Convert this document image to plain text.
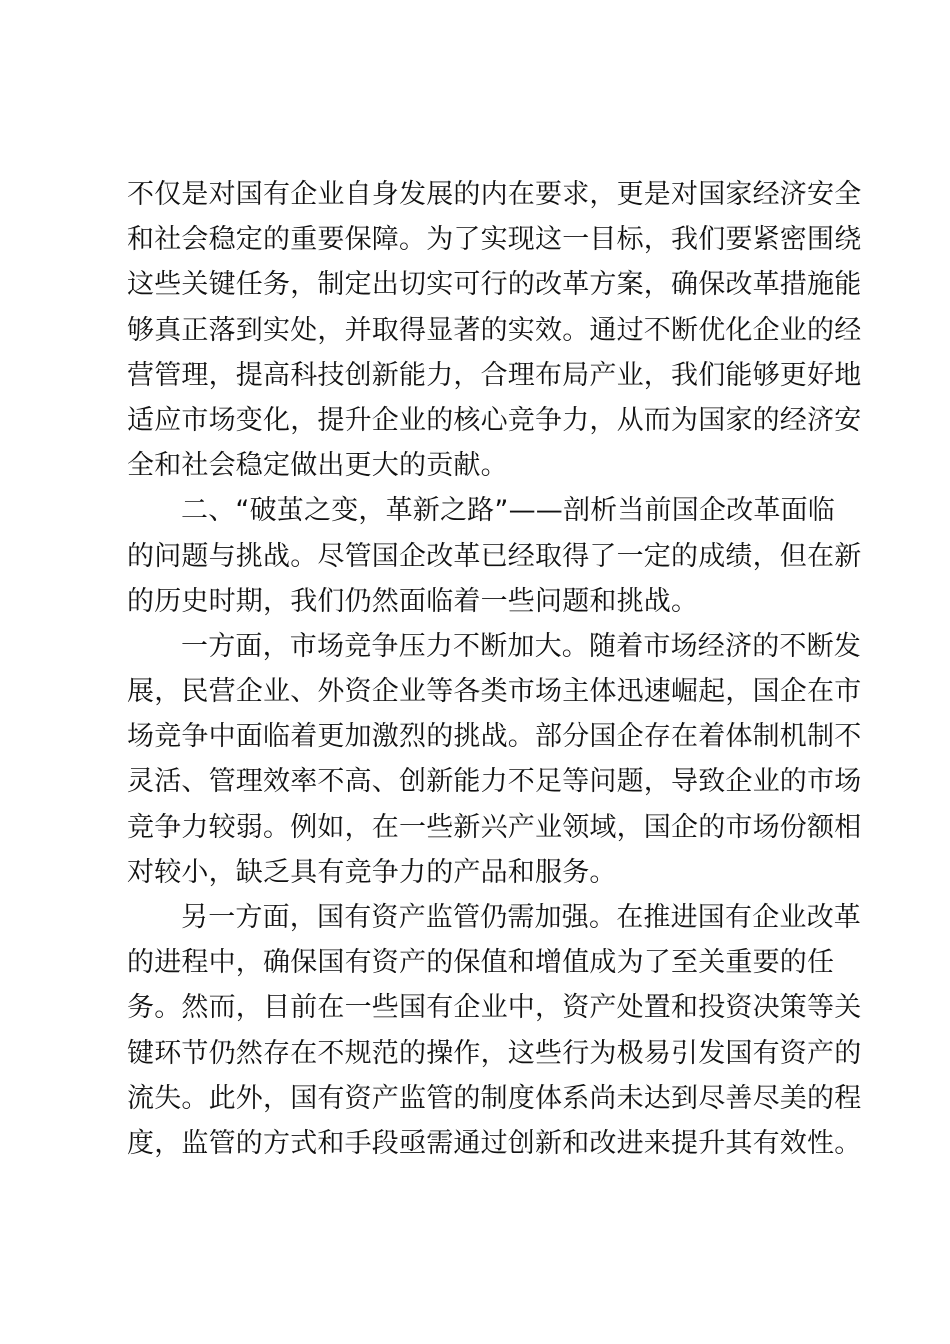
不仅是对国有企业自身发展的内在要求，更是对国家经济安全
和社会稳定的重要保障。为了实现这一目标，我们要紧密围绕
这些关键任务，制定出切实可行的改革方案，确保改革措施能
够真正落到实处，并取得显著的实效。通过不断优化企业的经
营管理，提高科技创新能力，合理布局产业，我们能够更好地
适应市场变化，提升企业的核心竞争力，从而为国家的经济安
全和社会稳定做出更大的贡献。
二、“破茧之变，革新之路”——剖析当前国企改革面临
的问题与挑战。尽管国企改革已经取得了一定的成绩，但在新
的历史时期，我们仍然面临着一些问题和挑战。
一方面，市场竞争压力不断加大。随着市场经济的不断发
展，民营企业、外资企业等各类市场主体迅速崛起，国企在市
场竞争中面临着更加激烈的挑战。部分国企存在着体制机制不
灵活、管理效率不高、创新能力不足等问题，导致企业的市场
竞争力较弱。例如，在一些新兴产业领域，国企的市场份额相
对较小，缺乏具有竞争力的产品和服务。
另一方面，国有资产监管仍需加强。在推进国有企业改革
的进程中，确保国有资产的保值和增值成为了至关重要的任
务。然而，目前在一些国有企业中，资产处置和投资决策等关
键环节仍然存在不规范的操作，这些行为极易引发国有资产的
流失。此外，国有资产监管的制度体系尚未达到尽善尽美的程
度，监管的方式和手段亟需通过创新和改进来提升其有效性。
